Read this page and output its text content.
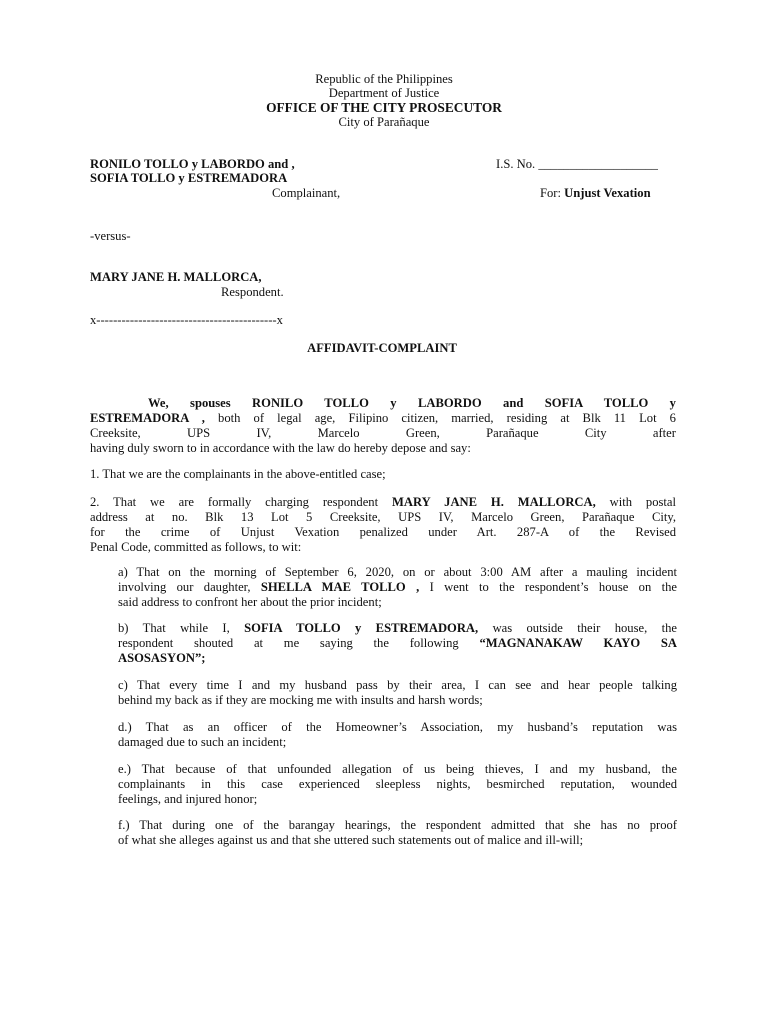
Republic of the Philippines
Department of Justice
OFFICE OF THE CITY PROSECUTOR
City of Parañaque
RONILO TOLLO y LABORDO and ,	I.S. No. ___________________
SOFIA TOLLO y ESTREMADORA
Complainant,	For: Unjust Vexation
-versus-
MARY JANE H. MALLORCA,
Respondent.
x-------------------------------------------x
AFFIDAVIT-COMPLAINT
We, spouses RONILO TOLLO y LABORDO and SOFIA TOLLO y
ESTREMADORA , both of legal age, Filipino citizen, married, residing at Blk 11 Lot 6
Creeksite,	UPS	IV,	Marcelo	Green,	Parañaque	City	after
having duly sworn to in accordance with the law do hereby depose and say:
1. That we are the complainants in the above-entitled case;
2. That we are formally charging respondent MARY JANE H. MALLORCA, with postal
address at no. Blk 13 Lot 5 Creeksite, UPS IV, Marcelo Green, Parañaque City,
for the crime of Unjust Vexation penalized under Art. 287-A of the Revised
Penal Code, committed as follows, to wit:
a) That on the morning of September 6, 2020, on or about 3:00 AM after a mauling incident
involving our daughter, SHELLA MAE TOLLO , I went to the respondent’s house on the
said address to confront her about the prior incident;
b) That while I, SOFIA TOLLO y ESTREMADORA, was outside their house, the
respondent shouted at me saying the following “MAGNANAKAW KAYO SA
ASOSASYON”;
c) That every time I and my husband pass by their area, I can see and hear people talking
behind my back as if they are mocking me with insults and harsh words;
d.) That as an officer of the Homeowner’s Association, my husband’s reputation was
damaged due to such an incident;
e.) That because of that unfounded allegation of us being thieves, I and my husband, the
complainants in this case experienced sleepless nights, besmirched reputation, wounded
feelings, and injured honor;
f.) That during one of the barangay hearings, the respondent admitted that she has no proof
of what she alleges against us and that she uttered such statements out of malice and ill-will;
